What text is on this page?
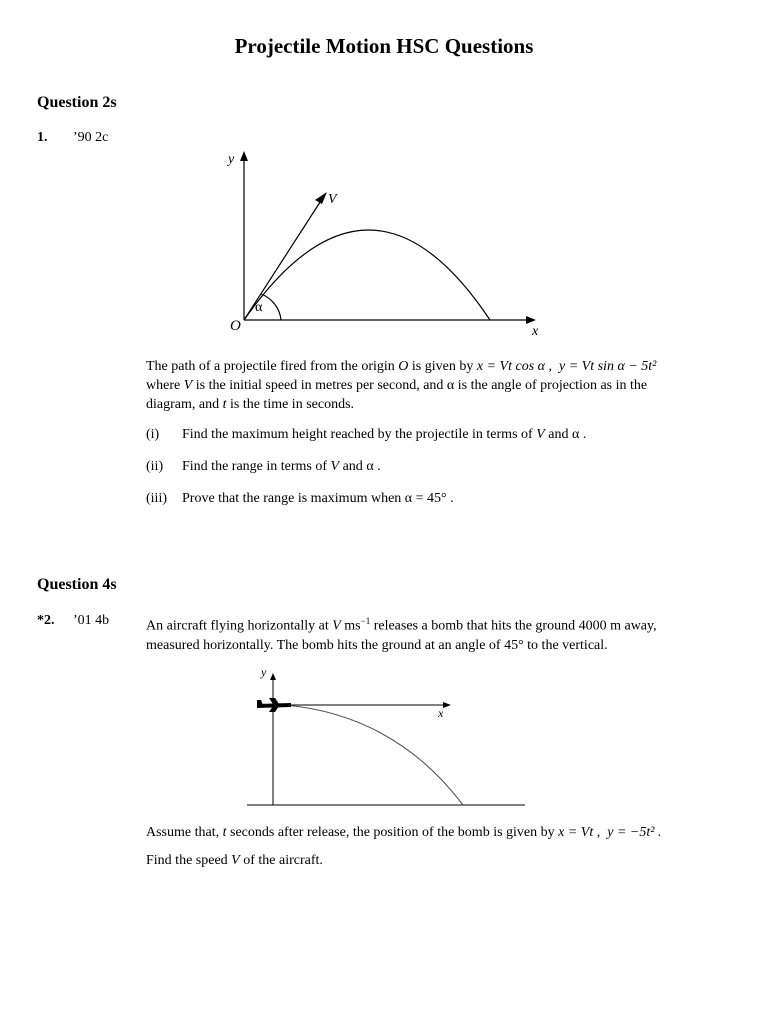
Projectile Motion HSC Questions
Question 2s
1. ’90 2c
y
x
O
V
α
The path of a projectile fired from the origin O is given by x = Vt cos α , y = Vt sin α − 5t²
where V is the initial speed in metres per second, and α is the angle of projection as in the
diagram, and t is the time in seconds.
(i) Find the maximum height reached by the projectile in terms of V and α .
(ii) Find the range in terms of V and α .
(iii) Prove that the range is maximum when α = 45° .
Question 4s
*2. ’01 4b	An aircraft flying horizontally at V $ms^{-1}$ releases a bomb that hits the ground 4000 m away,
measured horizontally. The bomb hits the ground at an angle of 45° to the vertical.
y
x
Assume that, t seconds after release, the position of the bomb is given by x = Vt , y = −5t² .
Find the speed V of the aircraft.
